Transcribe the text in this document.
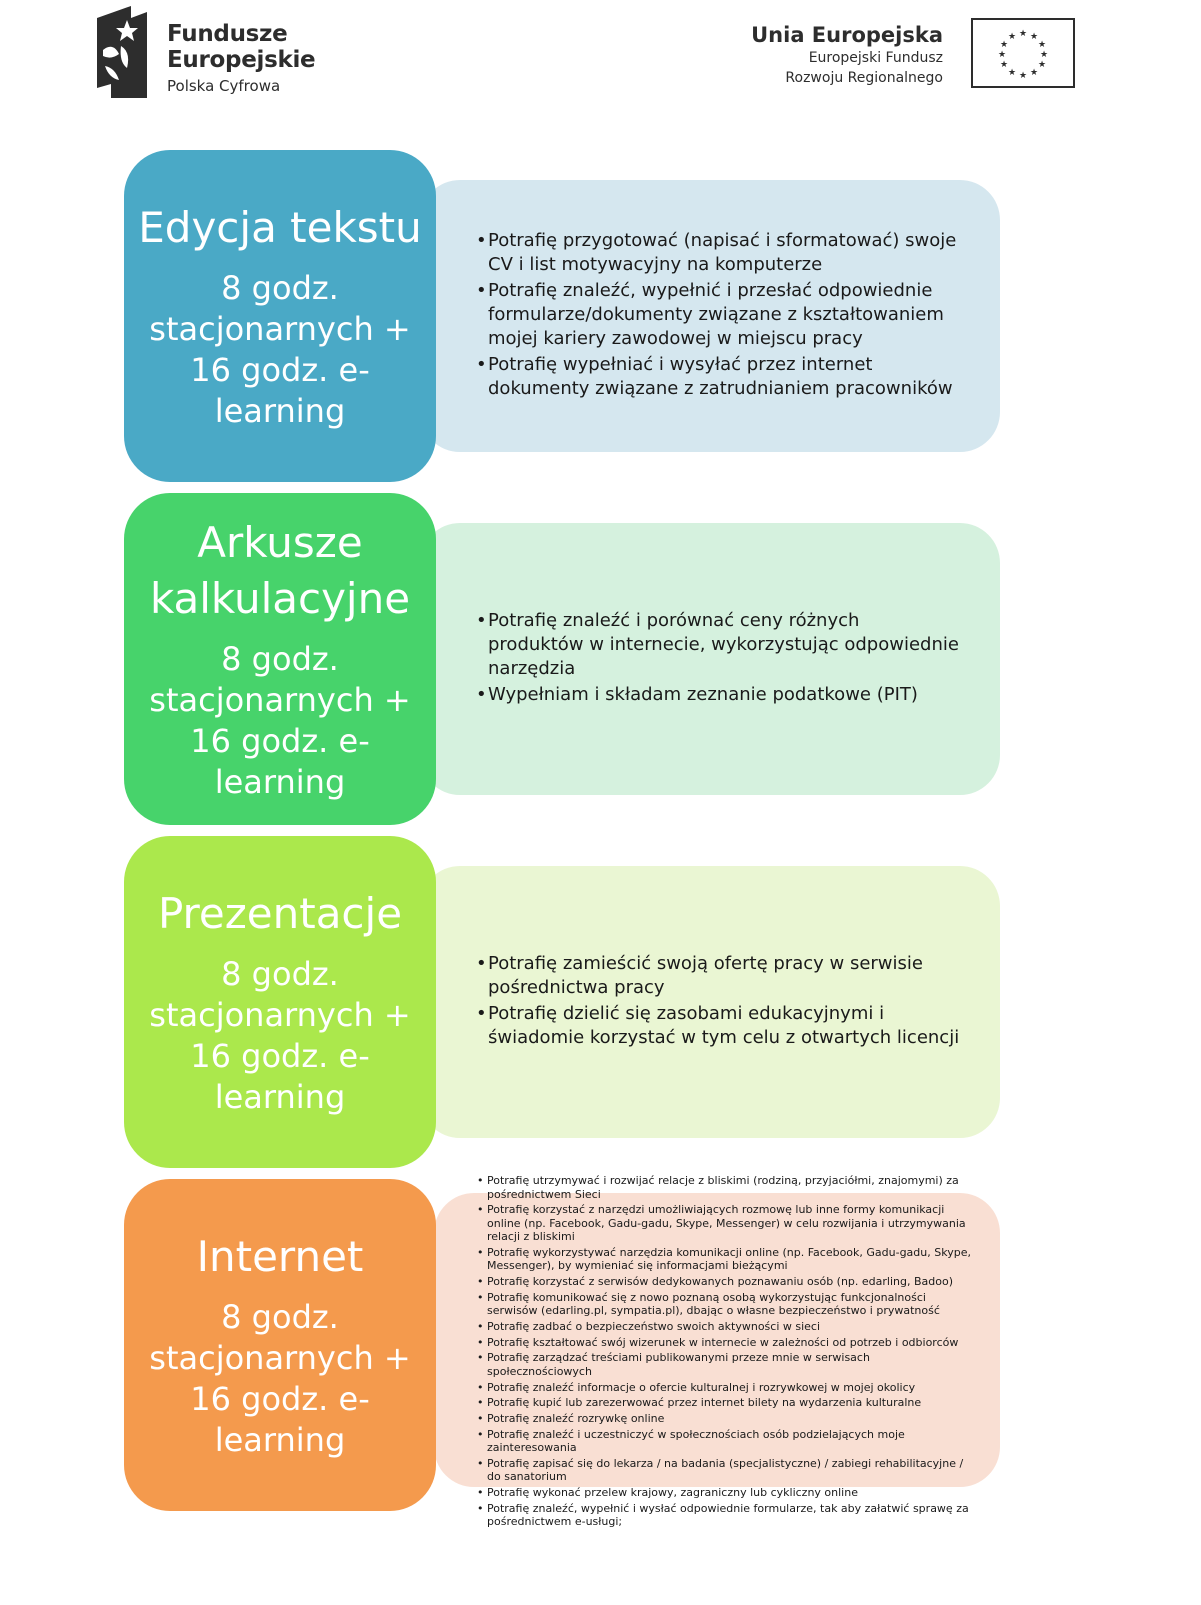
Fundusze
Europejskie
Polska Cyfrowa
Unia Europejska
Europejski Fundusz
Rozwoju Regionalnego
★ ★
★
★
★
★
★
★
★
★
★
★
Edycja tekstu
8 godz. stacjonarnych + 16 godz. e-learning
• Potrafię przygotować (napisać i sformatować) swoje CV i list motywacyjny na komputerze
• Potrafię znaleźć, wypełnić i przesłać odpowiednie formularze/dokumenty związane z kształtowaniem mojej kariery zawodowej w miejscu pracy
• Potrafię wypełniać i wysyłać przez internet dokumenty związane z zatrudnianiem pracowników
Arkusze kalkulacyjne
8 godz. stacjonarnych + 16 godz. e-learning
• Potrafię znaleźć i porównać ceny różnych produktów w internecie, wykorzystując odpowiednie narzędzia
• Wypełniam i składam zeznanie podatkowe (PIT)
Prezentacje
8 godz. stacjonarnych + 16 godz. e-learning
• Potrafię zamieścić swoją ofertę pracy w serwisie pośrednictwa pracy
• Potrafię dzielić się zasobami edukacyjnymi i świadomie korzystać w tym celu z otwartych licencji
Internet
8 godz. stacjonarnych + 16 godz. e-learning
• Potrafię utrzymywać i rozwijać relacje z bliskimi (rodziną, przyjaciółmi, znajomymi) za pośrednictwem Sieci
• Potrafię korzystać z narzędzi umożliwiających rozmowę lub inne formy komunikacji online (np. Facebook, Gadu-gadu, Skype, Messenger) w celu rozwijania i utrzymywania relacji z bliskimi
• Potrafię wykorzystywać narzędzia komunikacji online (np. Facebook, Gadu-gadu, Skype, Messenger), by wymieniać się informacjami bieżącymi
• Potrafię korzystać z serwisów dedykowanych poznawaniu osób (np. edarling, Badoo)
• Potrafię komunikować się z nowo poznaną osobą wykorzystując funkcjonalności serwisów (edarling.pl, sympatia.pl), dbając o własne bezpieczeństwo i prywatność
• Potrafię zadbać o bezpieczeństwo swoich aktywności w sieci
• Potrafię kształtować swój wizerunek w internecie w zależności od potrzeb i odbiorców
• Potrafię zarządzać treściami publikowanymi przeze mnie w serwisach społecznościowych
• Potrafię znaleźć informacje o ofercie kulturalnej i rozrywkowej w mojej okolicy
• Potrafię kupić lub zarezerwować przez internet bilety na wydarzenia kulturalne
• Potrafię znaleźć rozrywkę online
• Potrafię znaleźć i uczestniczyć w społecznościach osób podzielających moje zainteresowania
• Potrafię zapisać się do lekarza / na badania (specjalistyczne) / zabiegi rehabilitacyjne / do sanatorium
• Potrafię wykonać przelew krajowy, zagraniczny lub cykliczny online
• Potrafię znaleźć, wypełnić i wysłać odpowiednie formularze, tak aby załatwić sprawę za pośrednictwem e-usługi;
